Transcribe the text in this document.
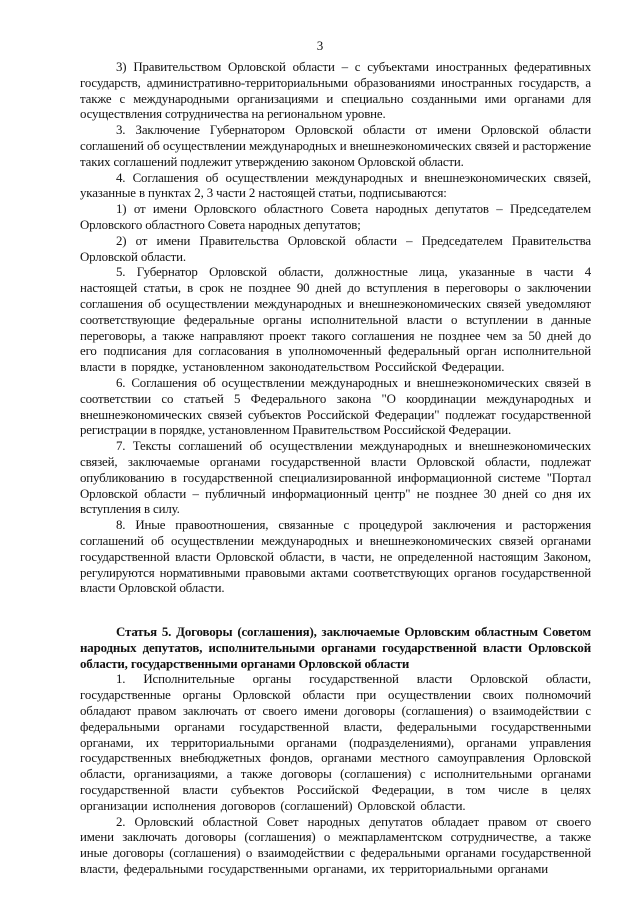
3

3) Правительством Орловской области – с субъектами иностранных федеративных государств, административно-территориальными образованиями иностранных государств, а также с международными организациями и специально созданными ими органами для осуществления сотрудничества на региональном уровне.

3. Заключение Губернатором Орловской области от имени Орловской области соглашений об осуществлении международных и внешнеэкономических связей и расторжение таких соглашений подлежит утверждению законом Орловской области.

4. Соглашения об осуществлении международных и внешнеэкономических связей, указанные в пунктах 2, 3 части 2 настоящей статьи, подписываются:

1) от имени Орловского областного Совета народных депутатов – Председателем Орловского областного Совета народных депутатов;

2) от имени Правительства Орловской области – Председателем Правительства Орловской области.

5. Губернатор Орловской области, должностные лица, указанные в части 4 настоящей статьи, в срок не позднее 90 дней до вступления в переговоры о заключении соглашения об осуществлении международных и внешнеэкономических связей уведомляют соответствующие федеральные органы исполнительной власти о вступлении в данные переговоры, а также направляют проект такого соглашения не позднее чем за 50 дней до его подписания для согласования в уполномоченный федеральный орган исполнительной власти в порядке, установленном законодательством Российской Федерации.

6. Соглашения об осуществлении международных и внешнеэкономических связей в соответствии со статьей 5 Федерального закона "О координации международных и внешнеэкономических связей субъектов Российской Федерации" подлежат государственной регистрации в порядке, установленном Правительством Российской Федерации.

7. Тексты соглашений об осуществлении международных и внешнеэкономических связей, заключаемые органами государственной власти Орловской области, подлежат опубликованию в государственной специализированной информационной системе "Портал Орловской области – публичный информационный центр" не позднее 30 дней со дня их вступления в силу.

8. Иные правоотношения, связанные с процедурой заключения и расторжения соглашений об осуществлении международных и внешнеэкономических связей органами государственной власти Орловской области, в части, не определенной настоящим Законом, регулируются нормативными правовыми актами соответствующих органов государственной власти Орловской области.

Статья 5. Договоры (соглашения), заключаемые Орловским областным Советом народных депутатов, исполнительными органами государственной власти Орловской области, государственными органами Орловской области

1. Исполнительные органы государственной власти Орловской области, государственные органы Орловской области при осуществлении своих полномочий обладают правом заключать от своего имени договоры (соглашения) о взаимодействии с федеральными органами государственной власти, федеральными государственными органами, их территориальными органами (подразделениями), органами управления государственных внебюджетных фондов, органами местного самоуправления Орловской области, организациями, а также договоры (соглашения) с исполнительными органами государственной власти субъектов Российской Федерации, в том числе в целях организации исполнения договоров (соглашений) Орловской области.

2. Орловский областной Совет народных депутатов обладает правом от своего имени заключать договоры (соглашения) о межпарламентском сотрудничестве, а также иные договоры (соглашения) о взаимодействии с федеральными органами государственной власти, федеральными государственными органами, их территориальными органами
